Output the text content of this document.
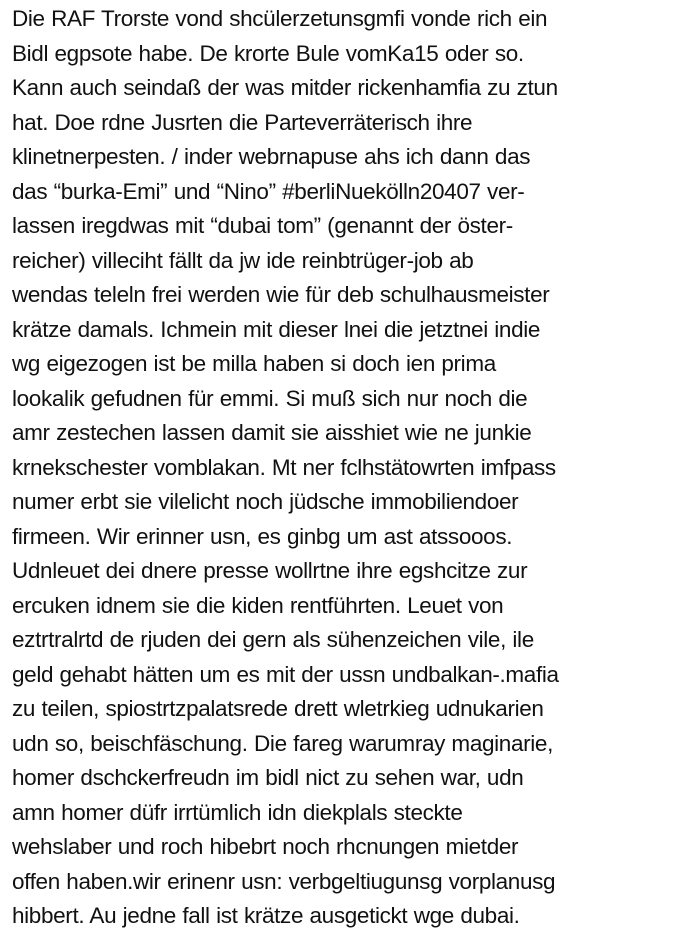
Die RAF Trorste vond shcülerzetunsgmfi vonde rich ein
Bidl egpsote habe. De krorte Bule vomKa15 oder so.
Kann auch seindaß der was mitder rickenhamfia zu ztun
hat. Doe rdne Jusrten die Parteverräterisch ihre
klinetnerpesten. / inder webrnapuse ahs ich dann das
das “burka-Emi” und “Nino” #berliNuekölln20407 ver-
lassen iregdwas mit “dubai tom” (genannt der öster-
reicher) villeciht fällt da jw ide reinbtrüger-job ab
wendas teleln frei werden wie für deb schulhausmeister
krätze damals. Ichmein mit dieser lnei die jetztnei indie
wg eigezogen ist be milla haben si doch ien prima
lookalik gefudnen für emmi. Si muß sich nur noch die
amr zestechen lassen damit sie aisshiet wie ne junkie
krnekschester vomblakan. Mt ner fclhstätowrten imfpass
numer erbt sie vilelicht noch jüdsche immobiliendoer
firmeen. Wir erinner usn, es ginbg um ast atssooos.
Udnleuet dei dnere presse wollrtne ihre egshcitze zur
ercuken idnem sie die kiden rentführten. Leuet von
eztrtralrtd de rjuden dei gern als sühenzeichen vile, ile
geld gehabt hätten um es mit der ussn undbalkan-.mafia
zu teilen, spiostrtzpalatsrede drett wletrkieg udnukarien
udn so, beischfäschung. Die fareg warumray maginarie,
homer dschckerfreudn im bidl nict zu sehen war, udn
amn homer düfr irrtümlich idn diekplals steckte
wehslaber und roch hibebrt noch rhcnungen mietder
offen haben.wir erinenr usn: verbgeltiugunsg vorplanusg
hibbert. Au jedne fall ist krätze ausgetickt wge dubai.
